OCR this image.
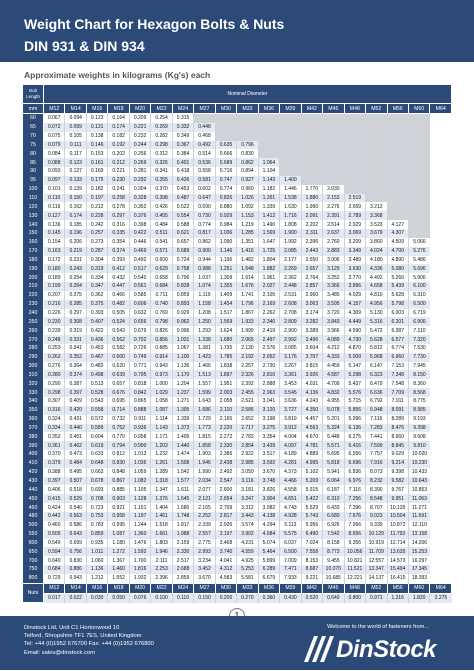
Weight Chart for Hexagon Bolts & Nuts
DIN 931 & DIN 934
Approximate weights in kilograms (Kg's) each
Bolt
Length	Nominal Diameter																		
mm	M12	M14	M16	M18	M20	M22	M24	M27	M30	M33	M36	M39	M42	M45	M48	M52	M56	M60	M64
60	0.067	0.094	0.123	0.164	0.209	0.254	0.315												
65	0.072	0.099	0.131	0.174	0.221	0.269	0.332	0.448											
70	0.075	0.105	0.138	0.182	0.232	0.282	0.349	0.468											
75	0.079	0.111	0.146	0.192	0.244	0.298	0.367	0.492	0.635	0.796									
80	0.084	0.117	0.153	0.202	0.256	0.312	0.384	0.514	0.666	0.830									
85	0.088	0.123	0.161	0.212	0.269	0.326	0.401	0.536	0.689	0.862	1.064								
90	0.093	0.127	0.169	0.221	0.281	0.341	0.418	0.558	0.716	0.894	1.104								
95	0.097	0.133	0.175	0.230	0.292	0.355	0.436	0.581	0.747	0.927	1.143	1.400							
100	0.101	0.139	0.182	0.241	0.304	0.370	0.453	0.602	0.774	0.960	1.182	1.446	1.770	2.030					
110	0.110	0.150	0.197	0.258	0.328	0.398	0.487	0.647	0.826	1.026	1.261	1.538	1.880	2.153	2.519				
120	0.119	0.162	0.212	0.278	0.352	0.426	0.522	0.690	0.880	1.092	1.339	1.630	1.990	2.276	2.659	3.212			
130	0.127	0.174	0.228	0.297	0.376	0.455	0.554	0.730	0.929	1.153	1.412	1.716	2.091	2.391	2.789	3.368			
140	0.136	0.185	0.242	0.316	0.398	0.484	0.588	0.774	0.984	1.219	1.490	1.808	2.202	2.514	2.929	3.523	4.127		
150	0.145	0.196	0.257	0.335	0.422	0.511	0.621	0.817	1.036	1.285	1.569	1.900	2.311	2.637	3.069	3.679	4.307		
160	0.154	0.206	0.273	0.354	0.446	0.541	0.657	0.862	1.090	1.351	1.647	1.992	2.396	2.760	3.209	3.860	4.509	5.066	
170	0.163	0.219	0.287	0.374	0.469	0.571	0.689	0.900	1.146	1.416	1.725	2.085	2.443	2.883	3.349	4.024	4.700	5.276	
180	0.172	0.231	0.304	0.393	0.492	0.600	0.724	0.944	1.196	1.482	1.804	2.177	2.550	3.006	3.489	4.180	4.890	5.486	
190	0.180	0.243	0.319	0.412	0.517	0.629	0.758	0.988	1.251	1.548	1.882	2.269	2.657	3.129	3.630	4.336	5.080	5.696	
200	0.189	0.254	0.334	0.432	0.540	0.658	0.796	1.037	1.309	1.614	1.961	2.362	2.764	3.252	3.770	4.492	5.260	5.906	
210	0.199	0.264	0.347	0.447	0.561	0.684	0.828	1.074	1.355	1.676	2.027	2.448	2.857	3.366	3.896	4.658	5.439	6.100	
220	0.207	0.275	0.362	0.466	0.585	0.711	0.859	1.119	1.409	1.741	2.105	2.531	2.960	3.485	4.029	4.810	5.628	6.310	
230	0.216	0.285	0.375	0.482	0.606	0.740	0.893	1.158	1.454	1.796	2.169	2.608	3.063	3.595	4.157	4.956	5.798	6.500	
240	0.226	0.297	0.393	0.505	0.632	0.769	0.929	1.208	1.517	1.867	2.262	2.708	3.174	3.720	4.309	5.130	6.003	6.719	
250	0.230	0.308	0.407	0.524	0.656	0.798	0.962	1.250	1.569	1.933	2.340	2.809	3.282	3.843	4.449	5.316	6.201	6.906	
260	0.239	0.319	0.422	0.543	0.679	0.826	0.996	1.293	1.624	1.999	2.419	2.900	3.389	3.966	4.590	5.472	6.387	7.110	
270	0.248	0.331	0.436	0.562	0.702	0.856	1.031	1.338	1.680	2.065	2.497	2.992	3.496	4.089	4.730	5.628	6.577	7.320	
280	0.253	0.341	0.453	0.582	0.726	0.885	1.067	1.381	1.735	2.130	2.576	3.085	3.604	4.212	4.870	5.812	6.774	7.530	
290	0.262	0.352	0.467	0.600	0.749	0.914	1.100	1.423	1.785	2.192	2.652	3.176	3.707	4.333	5.009	5.968	6.960	7.730	
300	0.276	0.364	0.483	0.620	0.771	0.943	1.136	1.466	1.838	2.257	2.730	3.267	3.815	4.459	5.147	6.147	7.153	7.945	
310	0.280	0.374	0.498	0.639	0.795	0.973	1.170	1.513	1.897	2.326	2.810	3.361	3.926	4.587	5.298	6.323	7.348	8.150	
320	0.290	0.387	0.513	0.657	0.818	1.000	1.204	1.557	1.951	2.392	2.888	3.453	4.031	4.709	5.437	6.479	7.548	8.360	
330	0.298	0.397	0.528	0.676	0.842	1.029	1.237	1.599	2.003	2.455	2.963	3.545	4.136	4.832	5.576	6.636	7.709	8.568	
340	0.307	0.409	0.543	0.695	0.865	1.058	1.271	1.643	2.058	2.521	3.041	3.636	4.243	4.955	5.715	6.792	7.911	8.775	
350	0.316	0.420	0.558	0.714	0.888	1.087	1.305	1.686	2.110	2.586	3.120	3.727	4.350	5.078	5.856	6.948	8.091	8.985	
360	0.324	0.431	0.572	0.732	0.911	1.114	1.339	1.729	2.165	2.652	3.198	3.819	4.457	5.201	5.996	7.116	8.289	9.193	
370	0.334	0.440	0.589	0.752	0.936	1.143	1.373	1.773	2.220	2.717	3.275	3.912	4.563	5.324	6.136	7.283	8.476	9.398	
380	0.352	0.451	0.604	0.770	0.958	1.171	1.405	1.815	2.272	2.783	3.354	4.004	4.670	5.448	6.275	7.441	8.660	9.608	
390	0.361	0.462	0.619	0.794	0.990	1.203	1.440	1.858	2.330	2.854	3.439	4.097	4.781	5.571	6.416	7.599	8.845	9.810	
400	0.370	0.473	0.633	0.812	1.013	1.232	1.474	1.903	2.386	2.922	3.517	4.189	4.889	5.695	6.556	7.757	9.029	10.020	
410	0.379	0.484	0.648	0.830	1.036	1.261	1.508	1.946	2.438	2.985	3.592	4.281	4.995	5.818	6.696	7.916	9.214	10.230	
420	0.388	0.495	0.663	0.848	1.059	1.289	1.542	1.990	2.492	3.050	3.670	4.373	5.102	5.941	6.836	8.073	9.398	10.433	
430	0.397	0.507	0.678	0.867	1.082	1.318	1.577	2.034	2.547	3.116	3.748	4.466	5.209	6.064	6.976	8.232	9.582	10.643	
440	0.406	0.518	0.693	0.885	1.105	1.347	1.611	2.077	2.600	3.181	3.826	4.558	5.315	6.187	7.116	8.390	9.767	10.853	
450	0.415	0.529	0.708	0.903	1.128	1.376	1.645	2.121	2.654	3.247	3.904	4.651	5.422	6.310	7.256	8.548	9.951	11.063	
460	0.424	0.540	0.723	0.921	1.151	1.404	1.680	2.165	2.709	3.312	3.982	4.743	5.529	6.433	7.396	8.707	10.135	11.271	
480	0.442	0.563	0.753	0.958	1.197	1.461	1.748	2.252	2.817	3.443	4.138	4.928	5.743	6.680	7.676	9.023	10.504	11.691	
500	0.460	0.586	0.783	0.995	1.244	1.518	1.817	2.339	2.926	3.574	4.294	5.113	5.956	6.926	7.956	9.339	10.872	12.110	
550	0.505	0.643	0.859	1.087	1.360	1.661	1.988	2.557	3.197	3.902	4.684	5.575	6.490	7.542	8.656	10.129	11.793	13.158	
600	0.549	0.699	0.935	1.180	1.476	1.803	2.159	2.775	3.468	4.231	5.074	6.037	7.024	8.158	9.356	10.919	12.714	14.206	
650	0.594	0.756	1.011	1.272	1.592	1.946	2.330	2.993	3.740	4.559	5.464	6.500	7.558	8.773	10.056	11.709	13.635	15.253	
700	0.640	0.830	1.060	1.367	1.700	2.111	2.517	3.234	4.041	4.925	5.899	7.009	8.153	9.455	10.821	12.557	14.573	16.297	
750	0.684	0.886	1.136	1.460	1.816	2.253	2.688	3.452	4.312	5.253	6.289	7.471	8.687	10.070	11.521	13.347	15.494	17.345	
800	0.729	0.943	1.212	1.552	1.932	2.396	2.859	3.670	4.583	5.581	6.679	7.933	9.221	10.685	12.221	14.137	16.415	18.393	
Nuts	M12	M14	M16	M18	M20	M22	M24	M27	M30	M33	M36	M39	M42	M45	M48	M52	M56	M60	M64
	0.017	0.022	0.030	0.050	0.076	0.100	0.110	0.150	0.200	0.270	0.360	0.430	0.520	0.640	0.800	0.971	1.316	1.820	2.275
Dinstock Ltd, Unit C1 Hortonwood 10
Telford, Shropshire TF1 7ES, United Kingdom
Tel: +44 (0)1952 676700 Fax: +44 (0)1952 676800
Email: sales@dinstock.com
Welcome to the world of fasteners from...
DinStock
